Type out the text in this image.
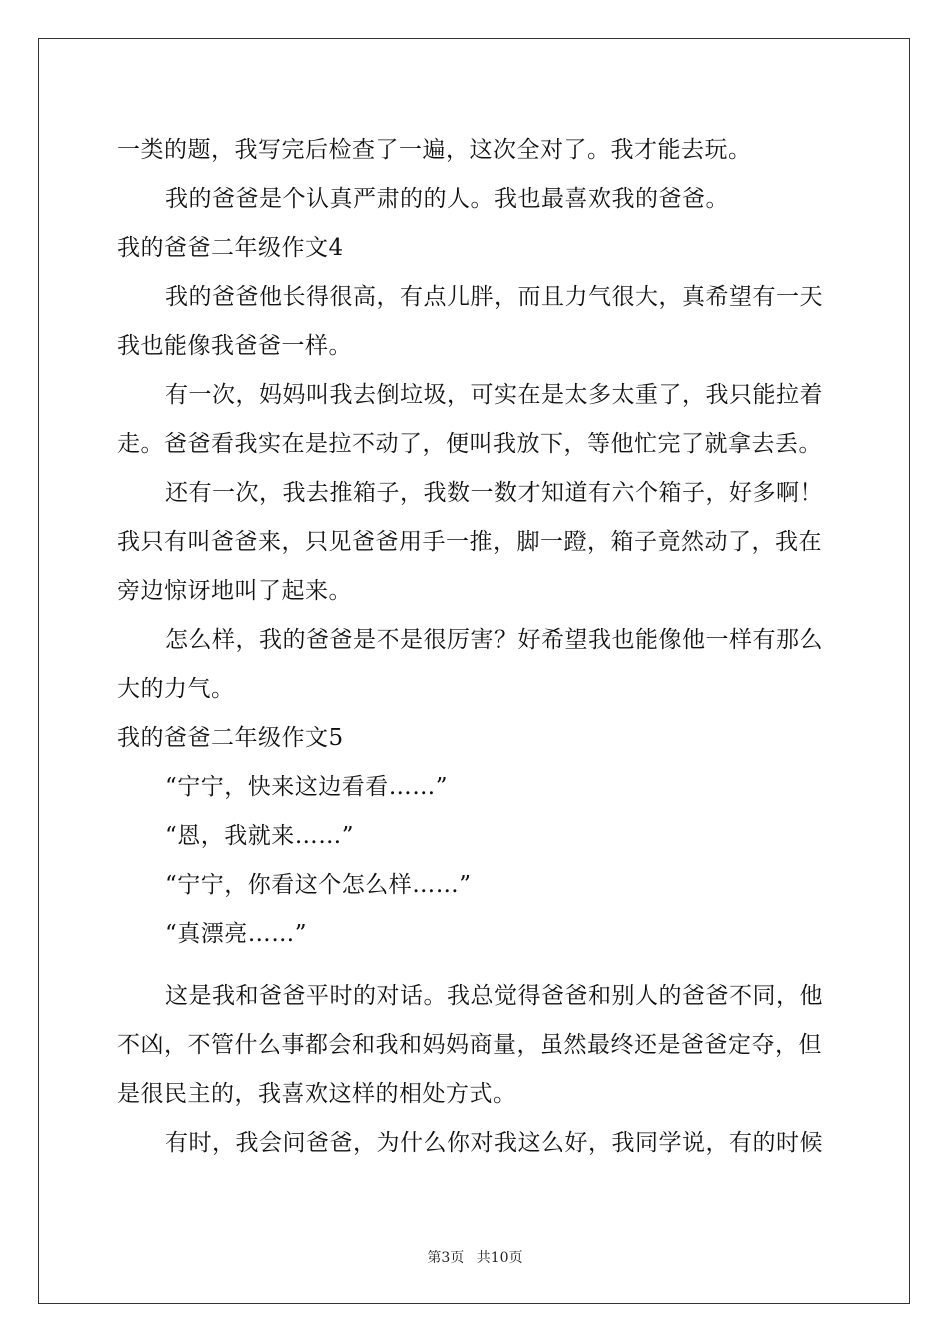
一类的题，我写完后检查了一遍，这次全对了。我才能去玩。
我的爸爸是个认真严肃的的人。我也最喜欢我的爸爸。
我的爸爸二年级作文4
我的爸爸他长得很高，有点儿胖，而且力气很大，真希望有一天
我也能像我爸爸一样。
有一次，妈妈叫我去倒垃圾，可实在是太多太重了，我只能拉着
走。爸爸看我实在是拉不动了，便叫我放下，等他忙完了就拿去丢。
还有一次，我去推箱子，我数一数才知道有六个箱子，好多啊！
我只有叫爸爸来，只见爸爸用手一推，脚一蹬，箱子竟然动了，我在
旁边惊讶地叫了起来。
怎么样，我的爸爸是不是很厉害？好希望我也能像他一样有那么
大的力气。
我的爸爸二年级作文5
“宁宁，快来这边看看……”
“恩，我就来……”
“宁宁，你看这个怎么样……”
“真漂亮……”
这是我和爸爸平时的对话。我总觉得爸爸和别人的爸爸不同，他
不凶，不管什么事都会和我和妈妈商量，虽然最终还是爸爸定夺，但
是很民主的，我喜欢这样的相处方式。
有时，我会问爸爸，为什么你对我这么好，我同学说，有的时候
第3页 共10页
